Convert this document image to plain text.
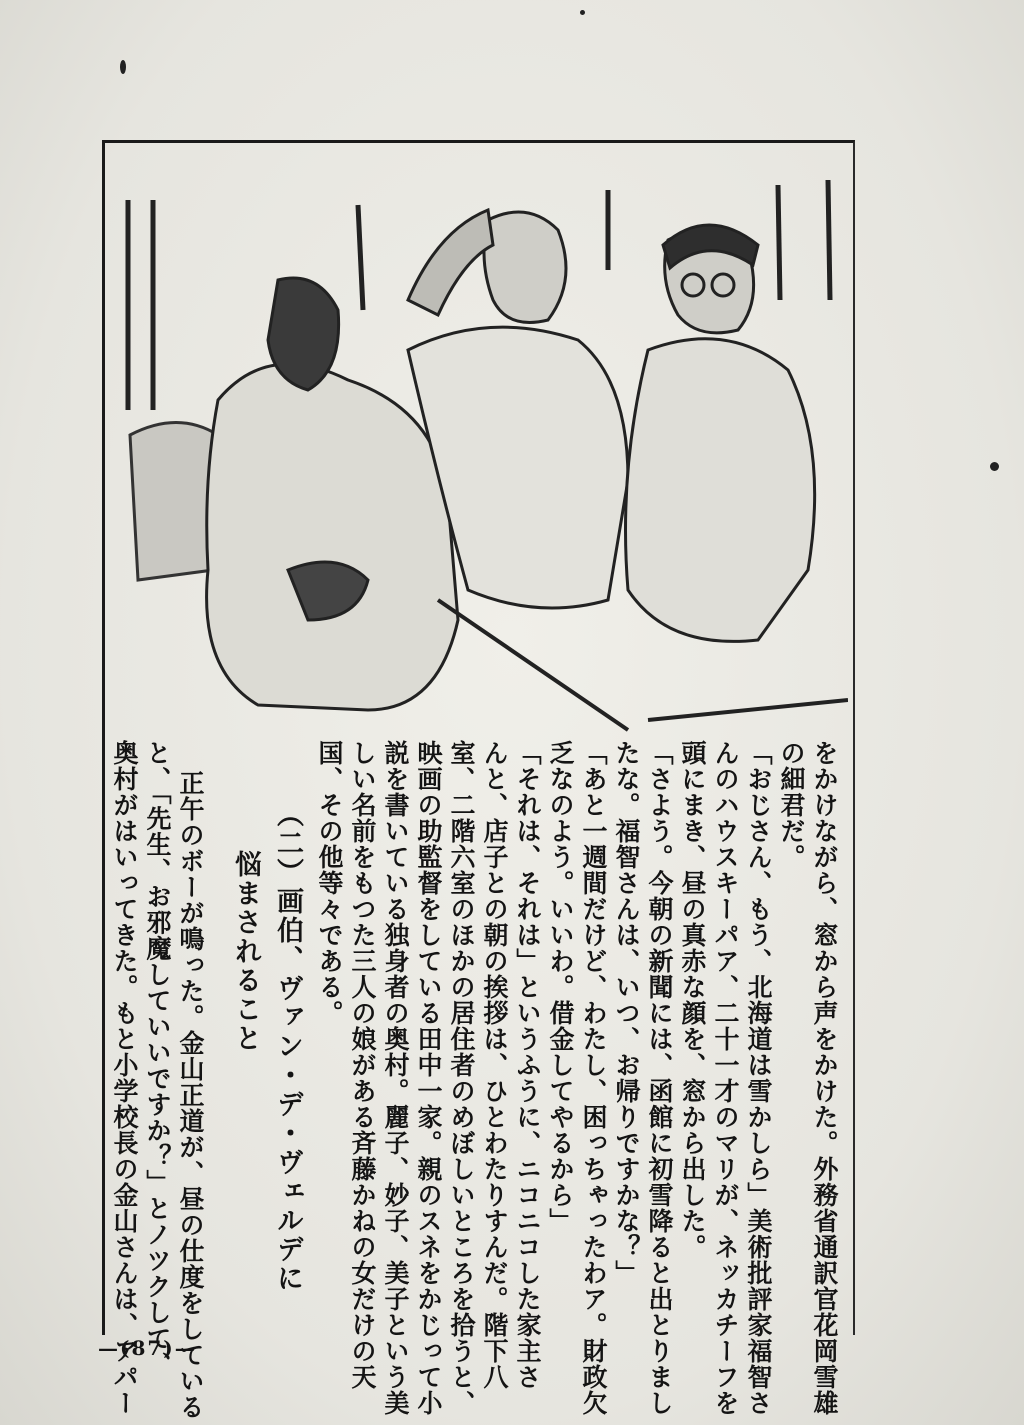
をかけながら、窓から声をかけた。外務省通訳官花岡雪雄
の細君だ。
「おじさん、もう、北海道は雪かしら」美術批評家福智さ
んのハウスキーパア、二十一才のマリが、ネッカチーフを
頭にまき、昼の真赤な顔を、窓から出した。
「さよう。今朝の新聞には、函館に初雪降ると出とりまし
たな。福智さんは、いつ、お帰りですかな？」
「あと一週間だけど、わたし、困っちゃったわア。財政欠
乏なのよう。いいわ。借金してやるから」
「それは、それは」というふうに、ニコニコした家主さ
んと、店子との朝の挨拶は、ひとわたりすんだ。階下八
室、二階六室のほかの居住者のめぼしいところを拾うと、
映画の助監督をしている田中一家。親のスネをかじって小
説を書いている独身者の奥村。麗子、妙子、美子という美
しい名前をもつた三人の娘がある斉藤かねの女だけの天
国、その他等々である。
（二）画伯、ヴァン・デ・ヴェルデに
悩まされること
正午のボーが鳴った。金山正道が、昼の仕度をしている
と、「先生、お邪魔していいですか？」とノツクして、
奥村がはいってきた。もと小学校長の金山さんは、アパー
—(87)—
